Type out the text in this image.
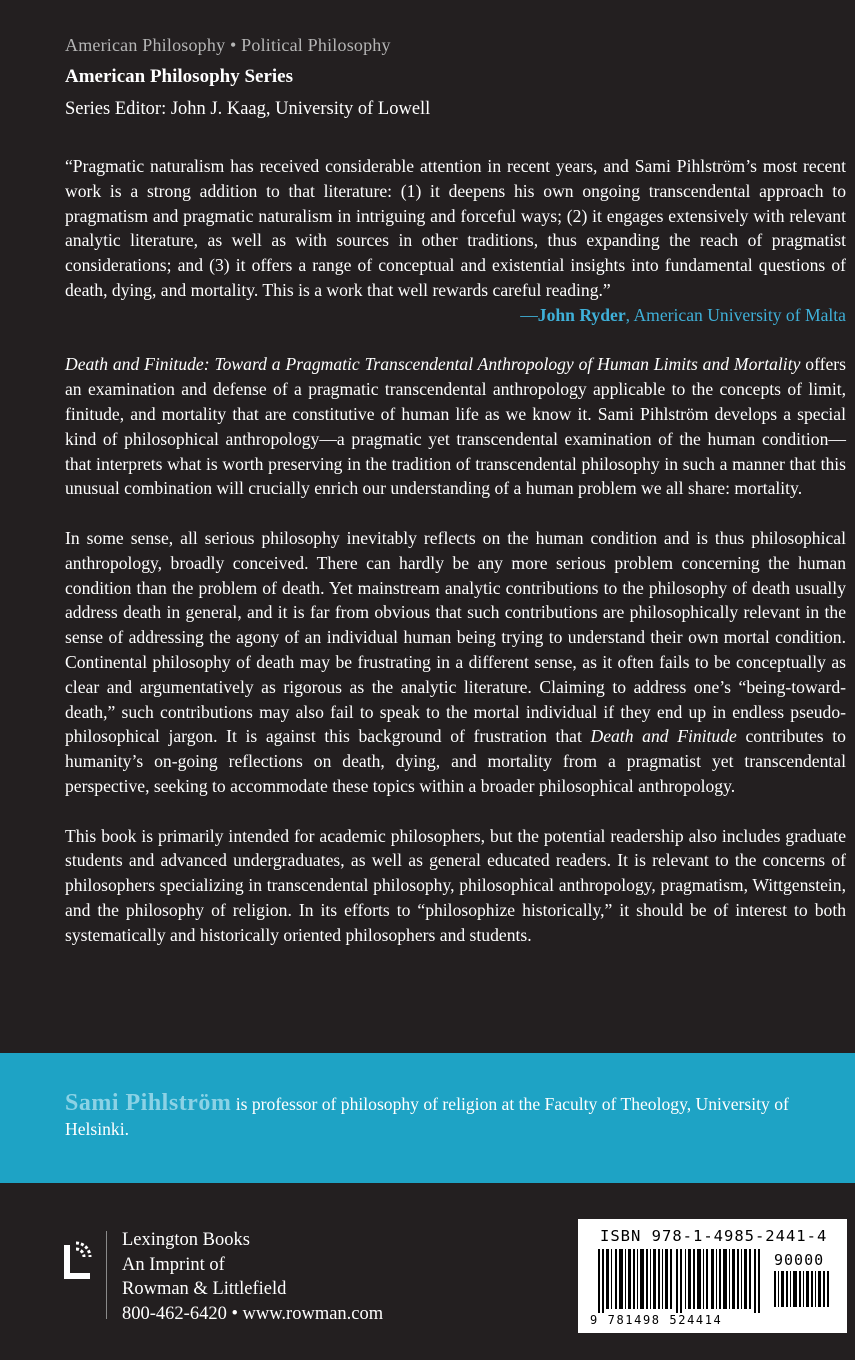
American Philosophy • Political Philosophy
American Philosophy Series
Series Editor: John J. Kaag, University of Lowell

“Pragmatic naturalism has received considerable attention in recent years, and Sami Pihlström’s most recent work is a strong addition to that literature: (1) it deepens his own ongoing transcendental approach to pragmatism and pragmatic naturalism in intriguing and forceful ways; (2) it engages extensively with relevant analytic literature, as well as with sources in other traditions, thus expanding the reach of pragmatist considerations; and (3) it offers a range of conceptual and existential insights into fundamental questions of death, dying, and mortality. This is a work that well rewards careful reading.”

—John Ryder, American University of Malta

Death and Finitude: Toward a Pragmatic Transcendental Anthropology of Human Limits and Mortality offers an examination and defense of a pragmatic transcendental anthropology applicable to the concepts of limit, finitude, and mortality that are constitutive of human life as we know it. Sami Pihlström develops a special kind of philosophical anthropology—a pragmatic yet transcendental examination of the human condition—that interprets what is worth preserving in the tradition of transcendental philosophy in such a manner that this unusual combination will crucially enrich our understanding of a human problem we all share: mortality.

In some sense, all serious philosophy inevitably reflects on the human condition and is thus philosophical anthropology, broadly conceived. There can hardly be any more serious problem concerning the human condition than the problem of death. Yet mainstream analytic contributions to the philosophy of death usually address death in general, and it is far from obvious that such contributions are philosophically relevant in the sense of addressing the agony of an individual human being trying to understand their own mortal condition. Continental philosophy of death may be frustrating in a different sense, as it often fails to be conceptually as clear and argumentatively as rigorous as the analytic literature. Claiming to address one’s “being-toward-death,” such contributions may also fail to speak to the mortal individual if they end up in endless pseudo-philosophical jargon. It is against this background of frustration that Death and Finitude contributes to humanity’s on-going reflections on death, dying, and mortality from a pragmatist yet transcendental perspective, seeking to accommodate these topics within a broader philosophical anthropology.

This book is primarily intended for academic philosophers, but the potential readership also includes graduate students and advanced undergraduates, as well as general educated readers. It is relevant to the concerns of philosophers specializing in transcendental philosophy, philosophical anthropology, pragmatism, Wittgenstein, and the philosophy of religion. In its efforts to “philosophize historically,” it should be of interest to both systematically and historically oriented philosophers and students.

Sami Pihlström is professor of philosophy of religion at the Faculty of Theology, University of Helsinki.
Lexington Books
An Imprint of
Rowman & Littlefield
800-462-6420 • www.rowman.com
ISBN 978-1-4985-2441-4
90000
9 781498 524414
